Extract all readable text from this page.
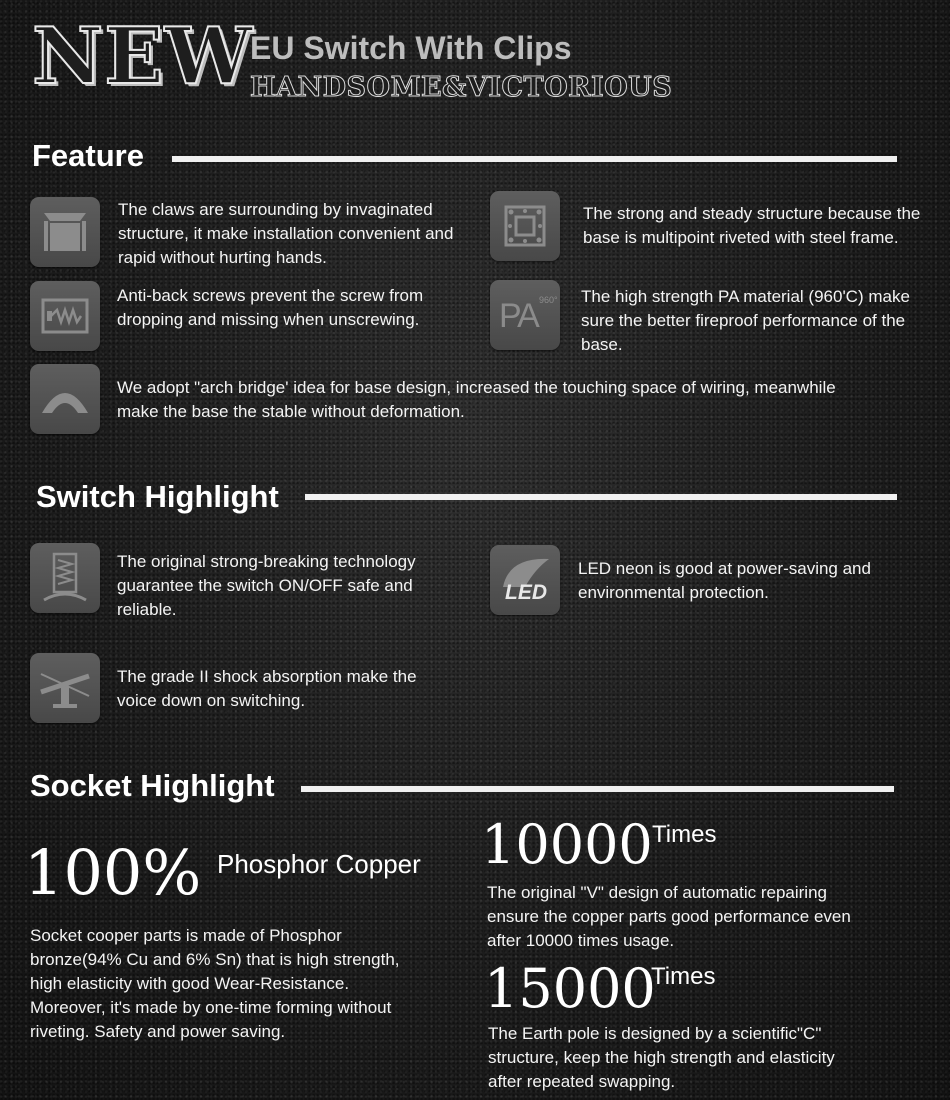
NEW
EU Switch With Clips
HANDSOME&VICTORIOUS
Feature
The claws are surrounding by invaginated structure, it make installation convenient and rapid without hurting hands.
The strong and steady structure because the base is multipoint riveted with steel frame.
Anti-back screws prevent the screw from dropping and missing when unscrewing.	PA 960° The high strength PA material (960'C) make sure the better fireproof performance of the base.
We adopt "arch bridge' idea for base design, increased the touching space of wiring, meanwhile make the base the stable without deformation.
Switch Highlight
The original strong-breaking technology guarantee the switch ON/OFF safe and reliable.
LED
LED neon is good at power-saving and environmental protection.
The grade II shock absorption make the voice down on switching.
Socket Highlight
100% Phosphor Copper
Socket cooper parts is made of Phosphor bronze(94% Cu and 6% Sn) that is high strength, high elasticity with good Wear-Resistance. Moreover, it's made by one-time forming without riveting. Safety and power saving.
10000 Times
The original "V" design of automatic repairing ensure the copper parts good performance even after 10000 times usage.
15000
Times
The Earth pole is designed by a scientific"C" structure, keep the high strength and elasticity after repeated swapping.
